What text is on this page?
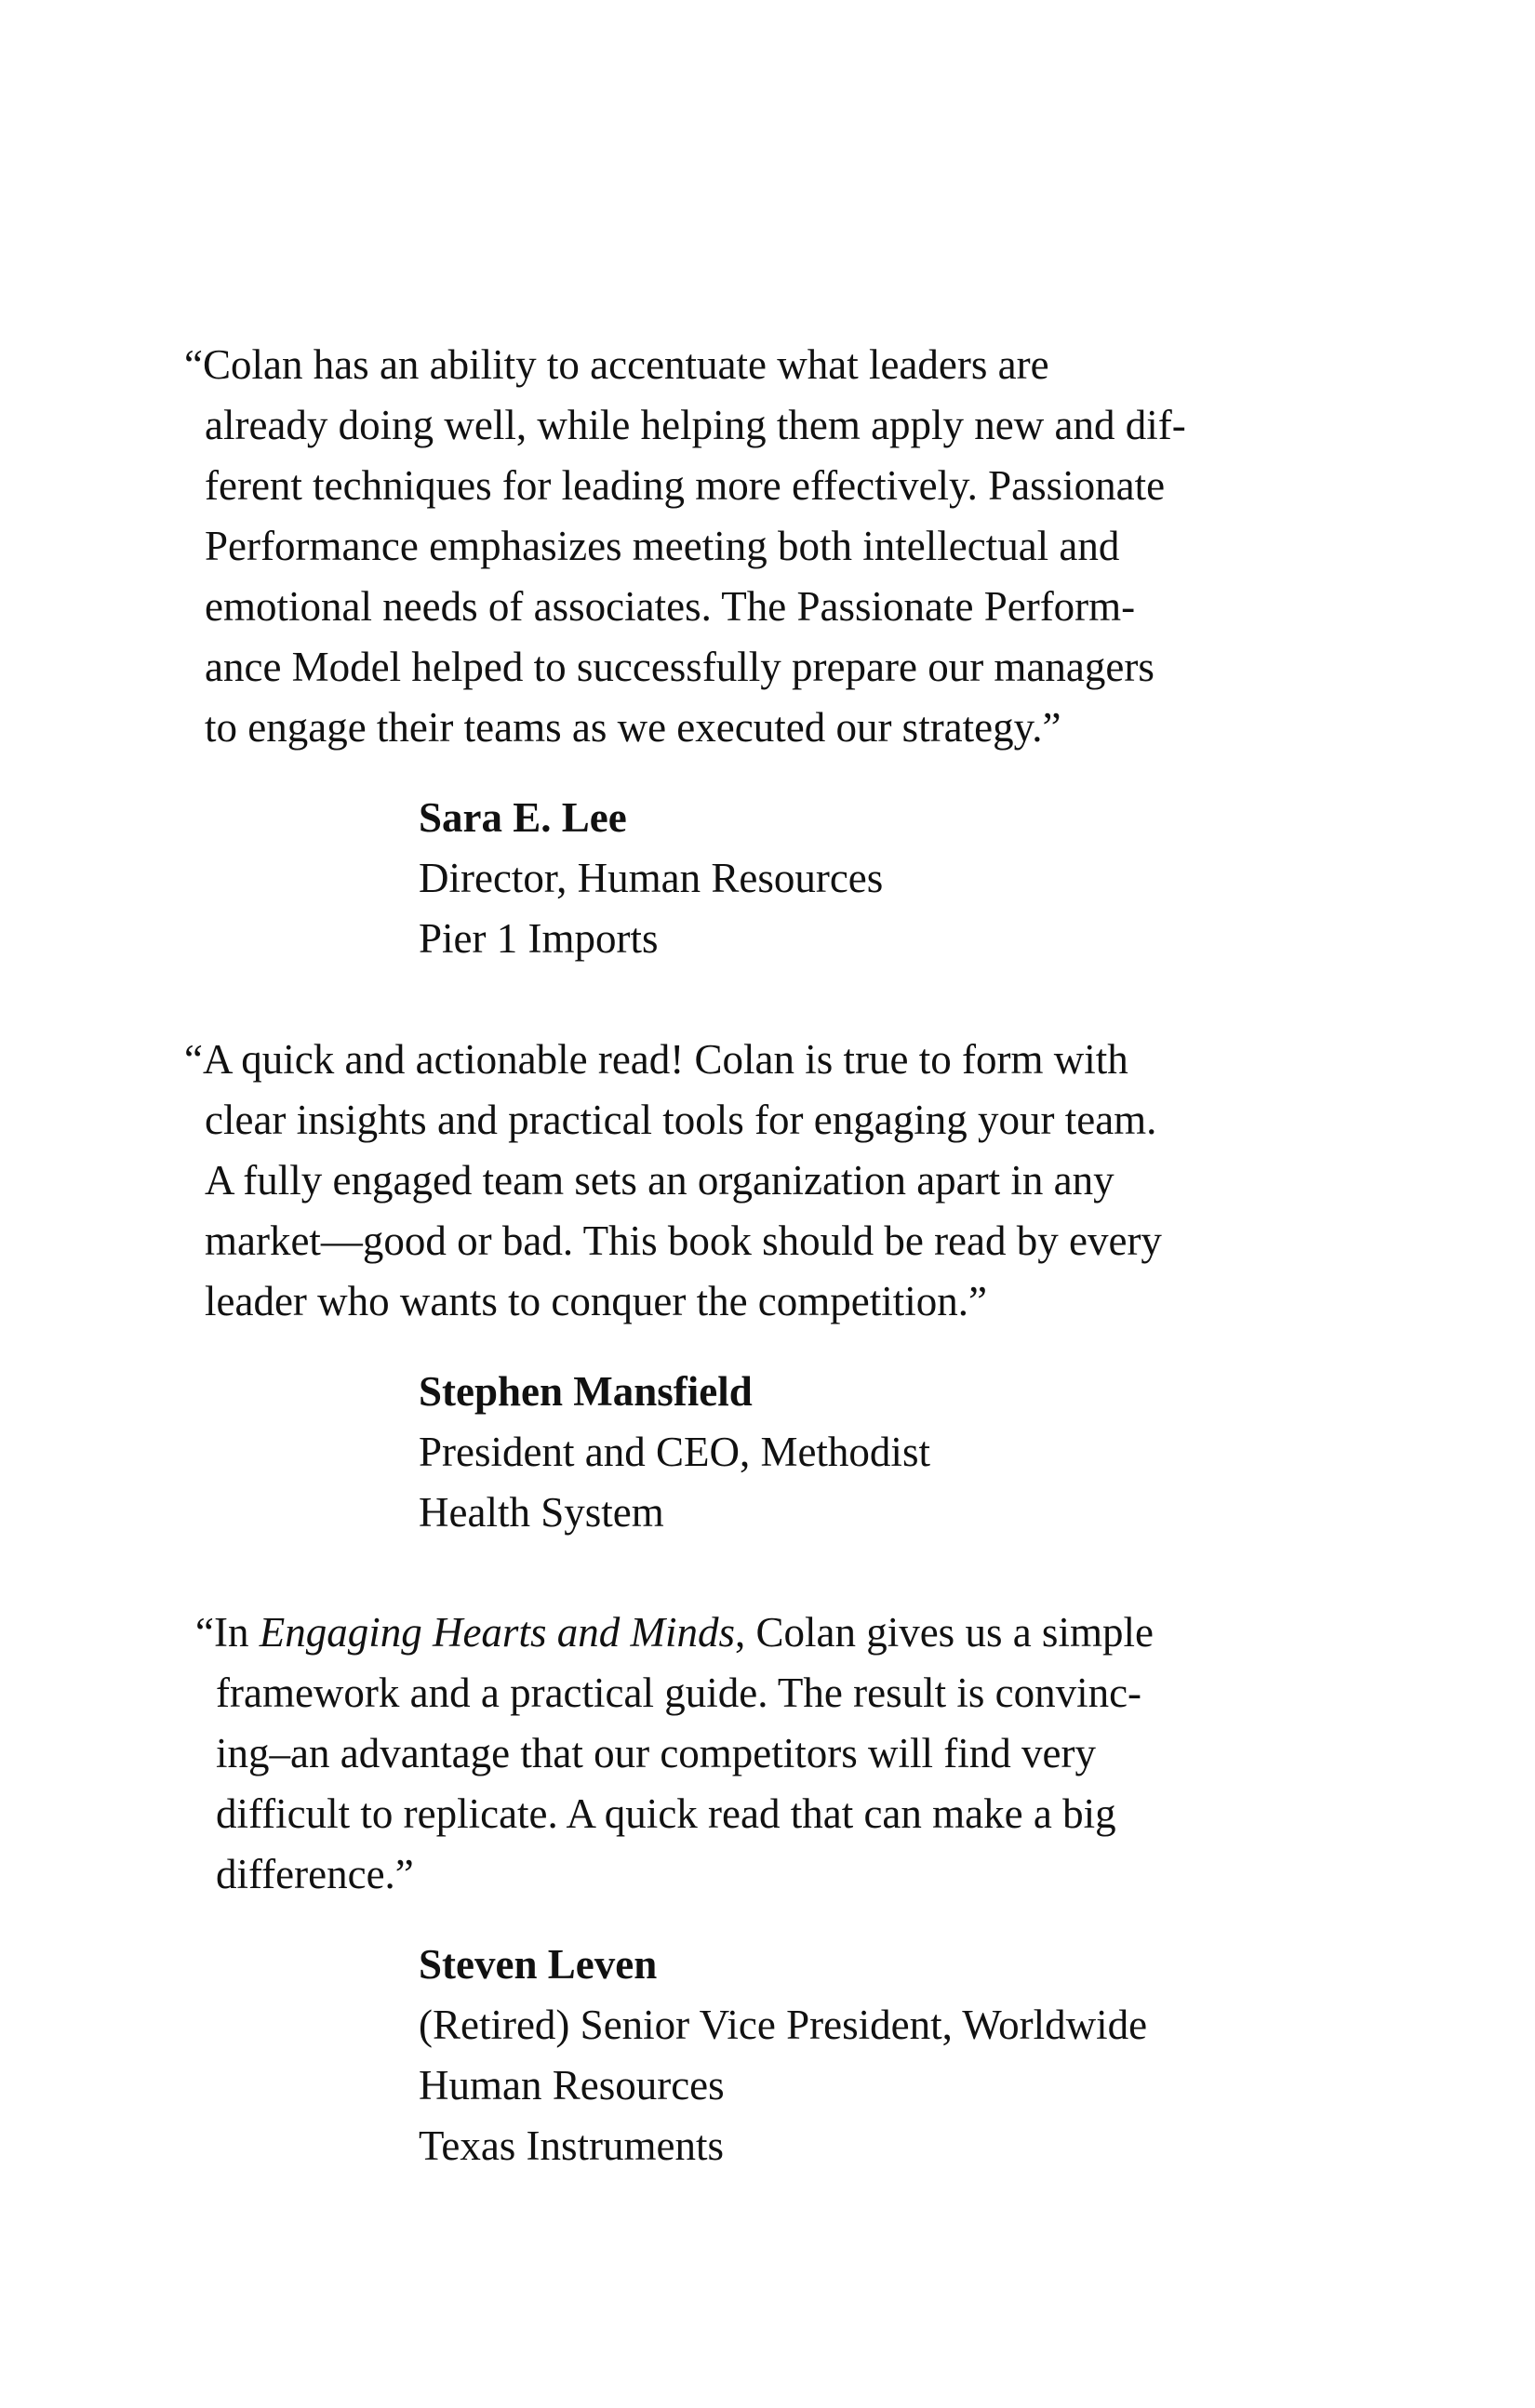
“Colan has an ability to accentuate what leaders are
already doing well, while helping them apply new and dif-
ferent techniques for leading more effectively. Passionate
Performance emphasizes meeting both intellectual and
emotional needs of associates. The Passionate Perform-
ance Model helped to successfully prepare our managers
to engage their teams as we executed our strategy.”

Sara E. Lee
Director, Human Resources
Pier 1 Imports

“A quick and actionable read! Colan is true to form with
clear insights and practical tools for engaging your team.
A fully engaged team sets an organization apart in any
market—good or bad. This book should be read by every
leader who wants to conquer the competition.”

Stephen Mansfield
President and CEO, Methodist
Health System

“In Engaging Hearts and Minds, Colan gives us a simple
framework and a practical guide. The result is convinc-
ing–an advantage that our competitors will find very
difficult to replicate. A quick read that can make a big
difference.”

Steven Leven
(Retired) Senior Vice President, Worldwide
Human Resources
Texas Instruments
